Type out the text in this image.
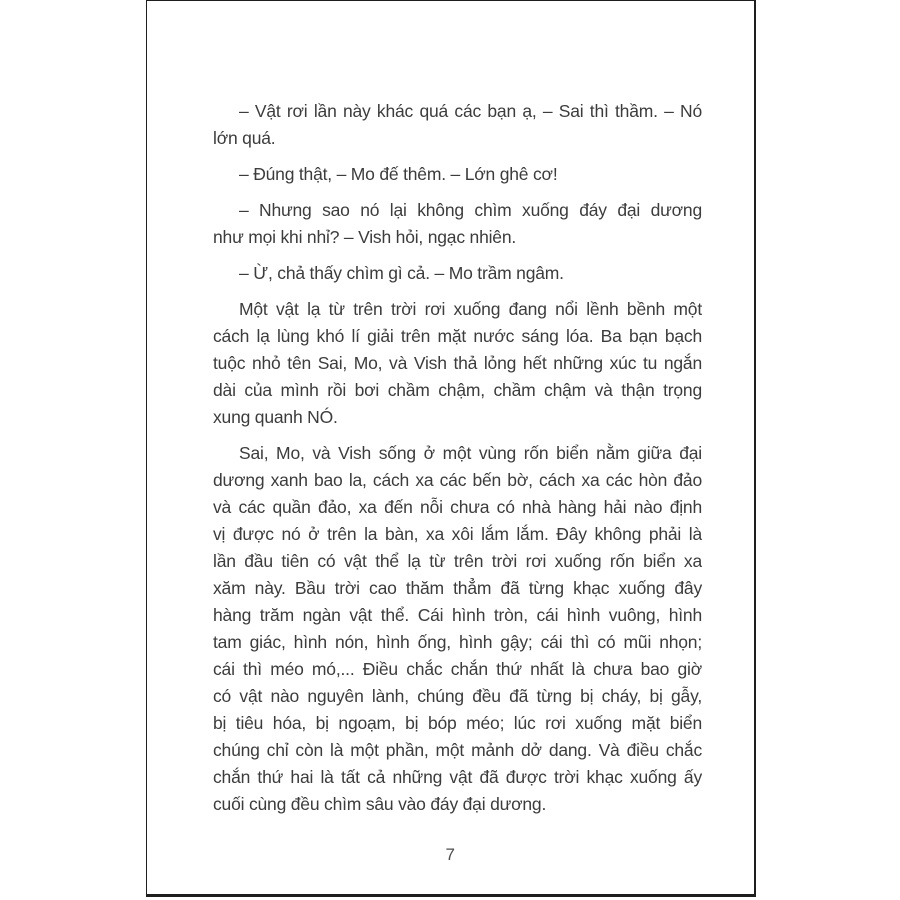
– Vật rơi lần này khác quá các bạn ạ, – Sai thì thầm. – Nó
lớn quá.

– Đúng thật, – Mo đế thêm. – Lớn ghê cơ!

– Nhưng sao nó lại không chìm xuống đáy đại dương
như mọi khi nhỉ? – Vish hỏi, ngạc nhiên.

– Ừ, chả thấy chìm gì cả. – Mo trầm ngâm.

Một vật lạ từ trên trời rơi xuống đang nổi lềnh bềnh một
cách lạ lùng khó lí giải trên mặt nước sáng lóa. Ba bạn bạch
tuộc nhỏ tên Sai, Mo, và Vish thả lỏng hết những xúc tu ngắn
dài của mình rồi bơi chầm chậm, chầm chậm và thận trọng
xung quanh NÓ.

Sai, Mo, và Vish sống ở một vùng rốn biển nằm giữa đại
dương xanh bao la, cách xa các bến bờ, cách xa các hòn đảo
và các quần đảo, xa đến nỗi chưa có nhà hàng hải nào định
vị được nó ở trên la bàn, xa xôi lắm lắm. Đây không phải là
lần đầu tiên có vật thể lạ từ trên trời rơi xuống rốn biển xa
xăm này. Bầu trời cao thăm thẳm đã từng khạc xuống đây
hàng trăm ngàn vật thể. Cái hình tròn, cái hình vuông, hình
tam giác, hình nón, hình ống, hình gậy; cái thì có mũi nhọn;
cái thì méo mó,... Điều chắc chắn thứ nhất là chưa bao giờ
có vật nào nguyên lành, chúng đều đã từng bị cháy, bị gẫy,
bị tiêu hóa, bị ngoạm, bị bóp méo; lúc rơi xuống mặt biển
chúng chỉ còn là một phần, một mảnh dở dang. Và điều chắc
chắn thứ hai là tất cả những vật đã được trời khạc xuống ấy
cuối cùng đều chìm sâu vào đáy đại dương.

7
